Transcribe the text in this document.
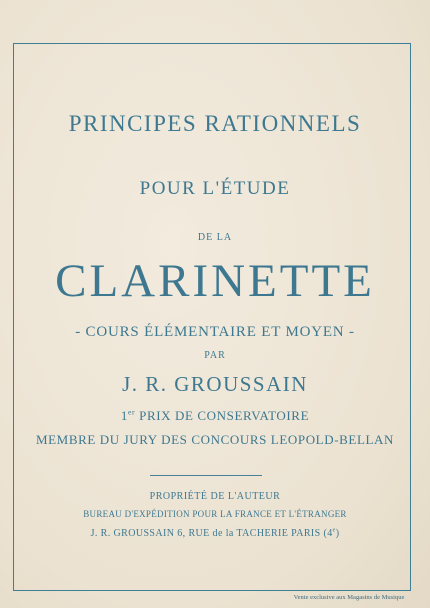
PRINCIPES RATIONNELS
POUR L'ÉTUDE
DE LA
CLARINETTE
- COURS ÉLÉMENTAIRE ET MOYEN -
PAR
J. R. GROUSSAIN
1er PRIX DE CONSERVATOIRE
MEMBRE DU JURY DES CONCOURS LEOPOLD-BELLAN
PROPRIÉTÉ DE L'AUTEUR
BUREAU D'EXPÉDITION POUR LA FRANCE ET L'ÉTRANGER
J. R. GROUSSAIN 6, RUE de la TACHERIE PARIS (4e)
Vente exclusive aux Magasins de Musique
